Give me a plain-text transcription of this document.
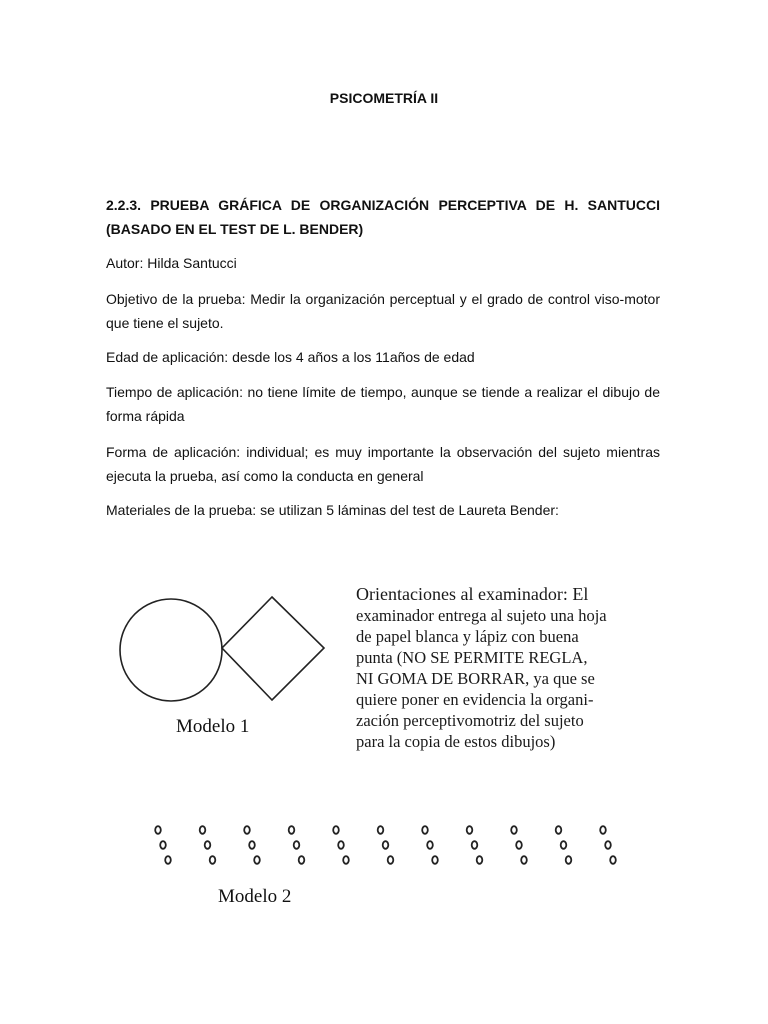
PSICOMETRÍA II
2.2.3. PRUEBA GRÁFICA DE ORGANIZACIÓN PERCEPTIVA DE H. SANTUCCI (BASADO EN EL TEST DE L. BENDER)
Autor: Hilda Santucci
Objetivo de la prueba: Medir la organización perceptual y el grado de control viso-motor que tiene el sujeto.
Edad de aplicación: desde los 4 años a los 11años de edad
Tiempo de aplicación: no tiene límite de tiempo, aunque se tiende a realizar el dibujo de forma rápida
Forma de aplicación: individual; es muy importante la observación del sujeto mientras ejecuta la prueba, así como la conducta en general
Materiales de la prueba: se utilizan 5 láminas del test de Laureta Bender:
Modelo 1
Orientaciones al examinador: El
examinador entrega al sujeto una hoja
de papel blanca y lápiz con buena
punta (NO SE PERMITE REGLA,
NI GOMA DE BORRAR, ya que se
quiere poner en evidencia la organi-
zación perceptivomotriz del sujeto
para la copia de estos dibujos)
Modelo 2
